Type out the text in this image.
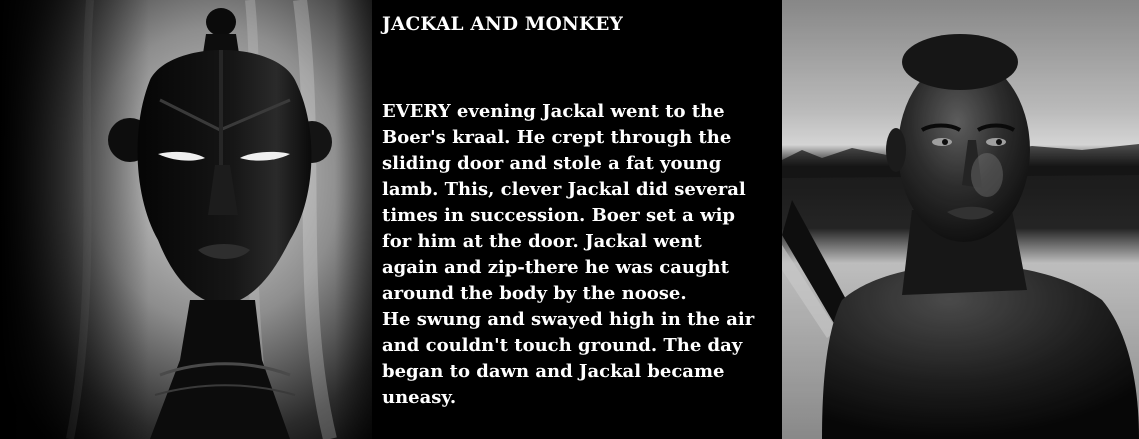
JACKAL AND MONKEY

EVERY evening Jackal went to the
Boer's kraal. He crept through the
sliding door and stole a fat young
lamb. This, clever Jackal did several
times in succession. Boer set a wip
for him at the door. Jackal went
again and zip-there he was caught
around the body by the noose.
He swung and swayed high in the air
and couldn't touch ground. The day
began to dawn and Jackal became
uneasy.
